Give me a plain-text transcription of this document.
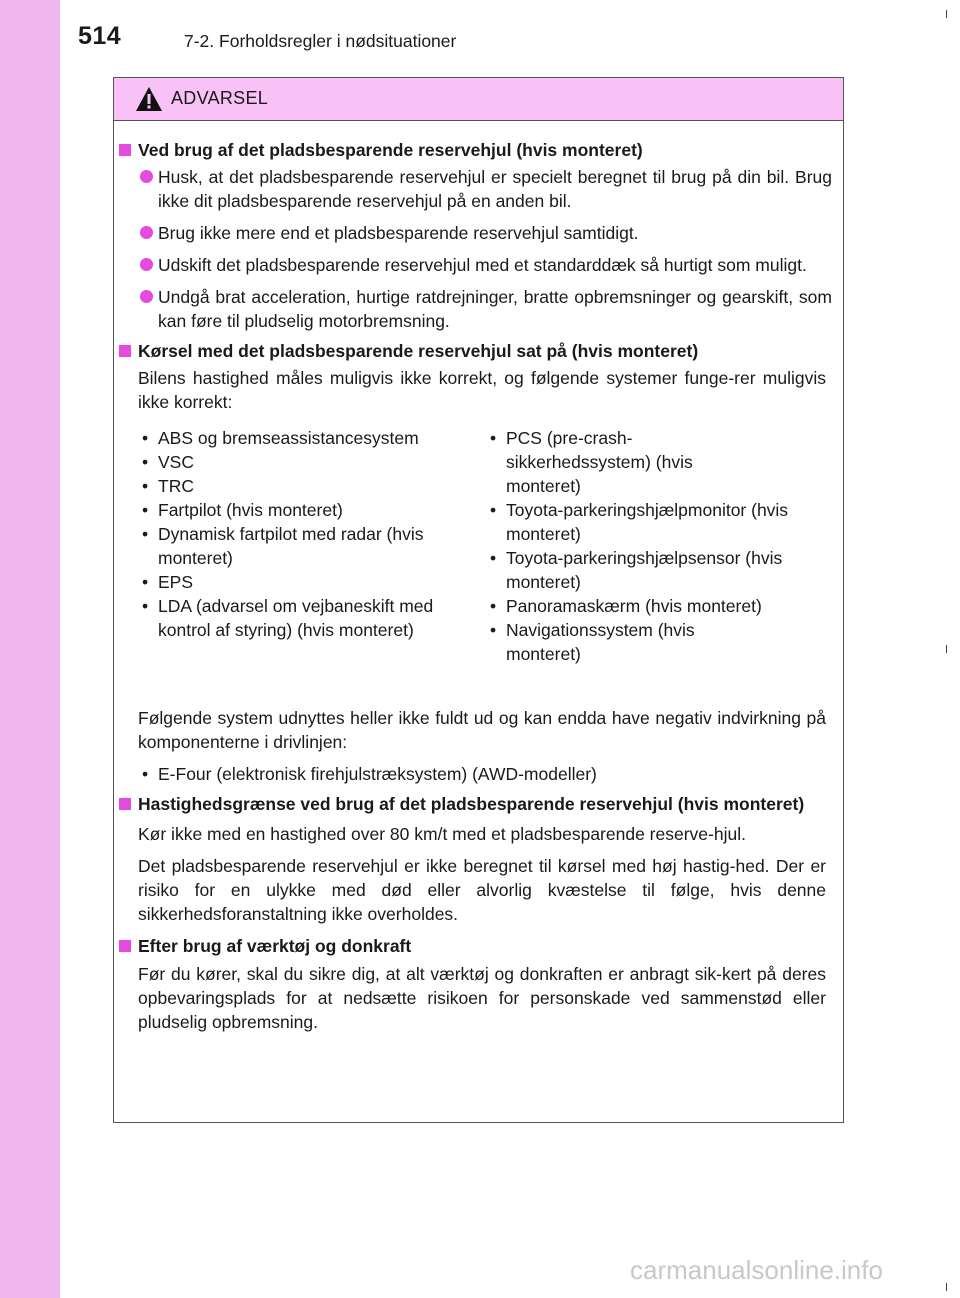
514	7-2. Forholdsregler i nødsituationer
ADVARSEL
Ved brug af det pladsbesparende reservehjul (hvis monteret)
Husk, at det pladsbesparende reservehjul er specielt beregnet til brug på din bil. Brug ikke dit pladsbesparende reservehjul på en anden bil.
Brug ikke mere end et pladsbesparende reservehjul samtidigt.
Udskift det pladsbesparende reservehjul med et standarddæk så hurtigt som muligt.
Undgå brat acceleration, hurtige ratdrejninger, bratte opbremsninger og gearskift, som kan føre til pludselig motorbremsning.
Kørsel med det pladsbesparende reservehjul sat på (hvis monteret)
Bilens hastighed måles muligvis ikke korrekt, og følgende systemer funge-rer muligvis ikke korrekt:
• ABS og bremseassistancesystem
• VSC
• TRC
• Fartpilot (hvis monteret)
• Dynamisk fartpilot med radar (hvis monteret)
• EPS
• LDA (advarsel om vejbaneskift med kontrol af styring) (hvis monteret)
• PCS (pre-crash-sikkerhedssystem) (hvis monteret)
• Toyota-parkeringshjælpmonitor (hvis monteret)
• Toyota-parkeringshjælpsensor (hvis monteret)
• Panoramaskærm (hvis monteret)
• Navigationssystem (hvis monteret)
Følgende system udnyttes heller ikke fuldt ud og kan endda have negativ indvirkning på komponenterne i drivlinjen:
• E-Four (elektronisk firehjulstræksystem) (AWD-modeller)
Hastighedsgrænse ved brug af det pladsbesparende reservehjul (hvis monteret)
Kør ikke med en hastighed over 80 km/t med et pladsbesparende reserve-hjul.
Det pladsbesparende reservehjul er ikke beregnet til kørsel med høj hastig-hed. Der er risiko for en ulykke med død eller alvorlig kvæstelse til følge, hvis denne sikkerhedsforanstaltning ikke overholdes.
Efter brug af værktøj og donkraft
Før du kører, skal du sikre dig, at alt værktøj og donkraften er anbragt sik-kert på deres opbevaringsplads for at nedsætte risikoen for personskade ved sammenstød eller pludselig opbremsning.
carmanualsonline.info
